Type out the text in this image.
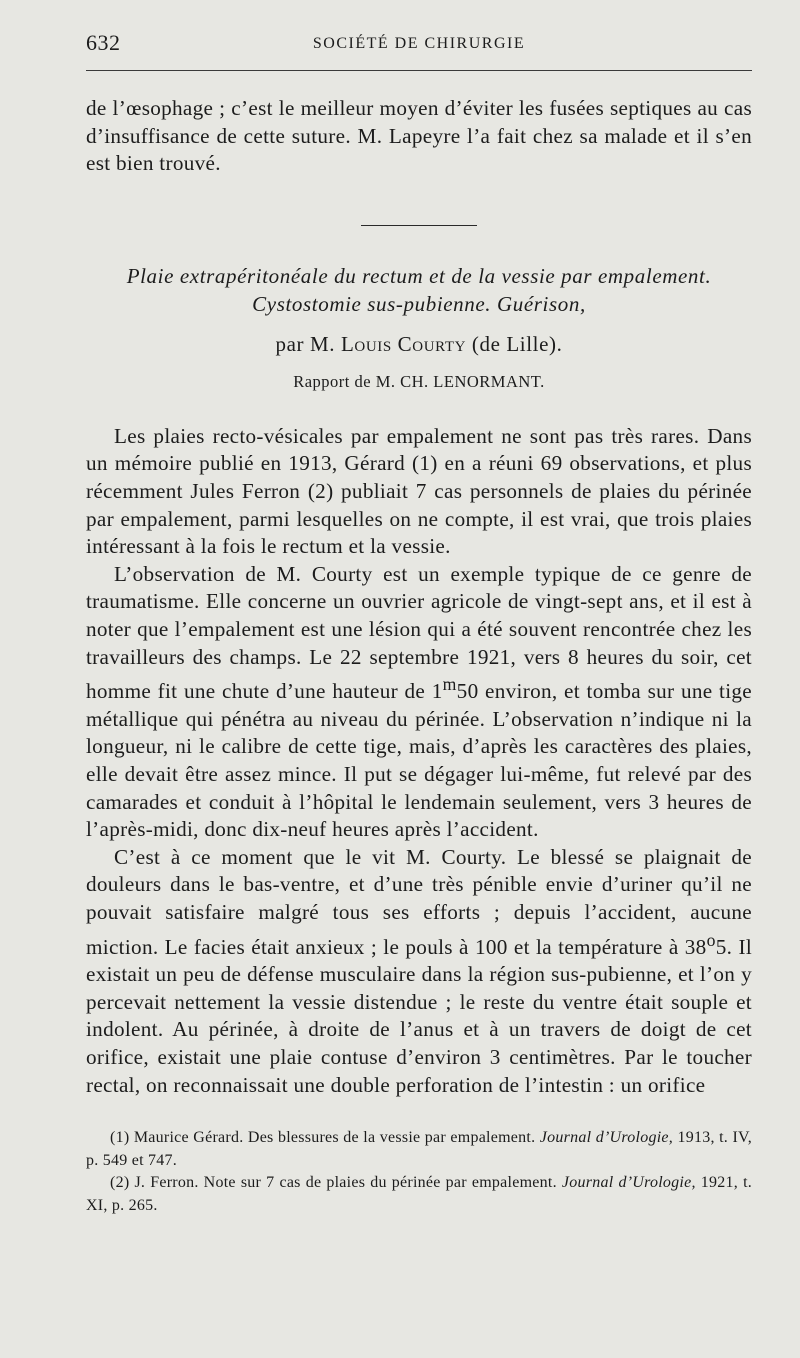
632	SOCIÉTÉ DE CHIRURGIE

de l’œsophage ; c’est le meilleur moyen d’éviter les fusées septiques au cas d’insuffisance de cette suture. M. Lapeyre l’a fait chez sa malade et il s’en est bien trouvé.

Plaie extrapéritonéale du rectum et de la vessie par empalement. Cystostomie sus-pubienne. Guérison,

par M. Louis Courty (de Lille).

Rapport de M. CH. LENORMANT.

Les plaies recto-vésicales par empalement ne sont pas très rares. Dans un mémoire publié en 1913, Gérard (1) en a réuni 69 observations, et plus récemment Jules Ferron (2) publiait 7 cas personnels de plaies du périnée par empalement, parmi lesquelles on ne compte, il est vrai, que trois plaies intéressant à la fois le rectum et la vessie.

L’observation de M. Courty est un exemple typique de ce genre de traumatisme. Elle concerne un ouvrier agricole de vingt-sept ans, et il est à noter que l’empalement est une lésion qui a été souvent rencontrée chez les travailleurs des champs. Le 22 septembre 1921, vers 8 heures du soir, cet homme fit une chute d’une hauteur de 1$^m$50 environ, et tomba sur une tige métallique qui pénétra au niveau du périnée. L’observation n’indique ni la longueur, ni le calibre de cette tige, mais, d’après les caractères des plaies, elle devait être assez mince. Il put se dégager lui-même, fut relevé par des camarades et conduit à l’hôpital le lendemain seulement, vers 3 heures de l’après-midi, donc dix-neuf heures après l’accident.

C’est à ce moment que le vit M. Courty. Le blessé se plaignait de douleurs dans le bas-ventre, et d’une très pénible envie d’uriner qu’il ne pouvait satisfaire malgré tous ses efforts ; depuis l’accident, aucune miction. Le facies était anxieux ; le pouls à 100 et la température à 38$^o$5. Il existait un peu de défense musculaire dans la région sus-pubienne, et l’on y percevait nettement la vessie distendue ; le reste du ventre était souple et indolent. Au périnée, à droite de l’anus et à un travers de doigt de cet orifice, existait une plaie contuse d’environ 3 centimètres. Par le toucher rectal, on reconnaissait une double perforation de l’intestin : un orifice

(1) Maurice Gérard. Des blessures de la vessie par empalement. Journal d’Urologie, 1913, t. IV, p. 549 et 747.

(2) J. Ferron. Note sur 7 cas de plaies du périnée par empalement. Journal d’Urologie, 1921, t. XI, p. 265.
